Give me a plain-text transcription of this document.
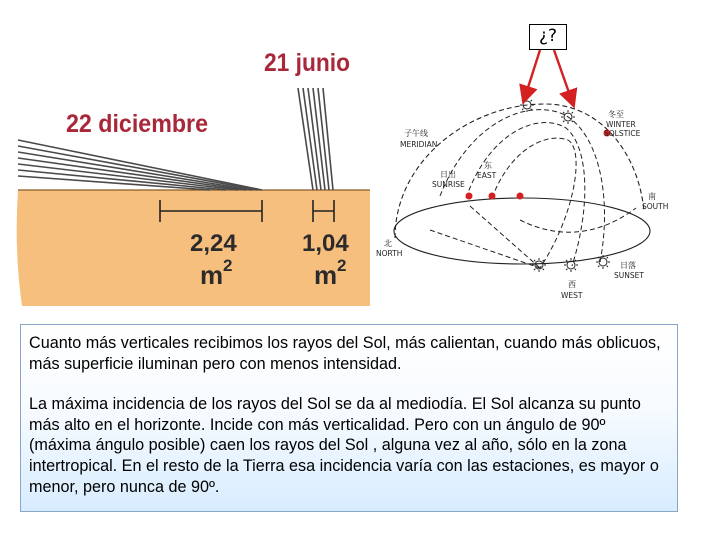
21 junio
22 diciembre
2,24
m 2
1,04
m 2
子午线
MERIDIAN
日出
SUNRISE
东
EAST
冬至
WINTER
SOLSTICE
南
SOUTH
北
NORTH
日落
SUNSET
西
WEST
¿?

Cuanto más verticales recibimos los rayos del Sol, más calientan, cuando más oblicuos, más superficie iluminan pero con menos intensidad.

La máxima incidencia de los rayos del Sol se da al mediodía. El Sol alcanza su punto más alto en el horizonte. Incide con más verticalidad. Pero con un ángulo de 90º (máxima ángulo posible) caen los rayos del Sol , alguna vez al año, sólo en la zona intertropical. En el resto de la Tierra esa incidencia varía con las estaciones, es mayor o menor, pero nunca de 90º.
